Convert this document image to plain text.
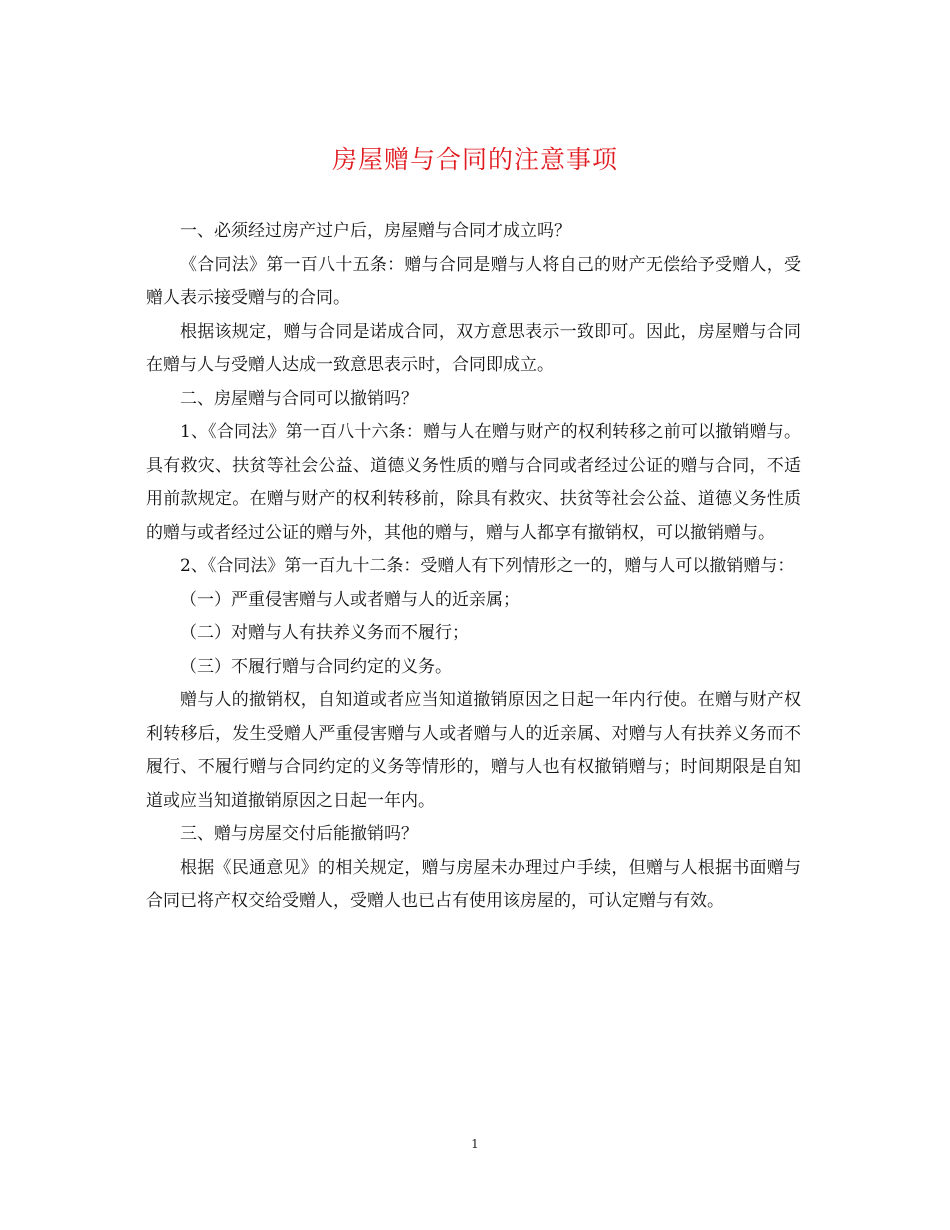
房屋赠与合同的注意事项

一、必须经过房产过户后，房屋赠与合同才成立吗？

《合同法》第一百八十五条：赠与合同是赠与人将自己的财产无偿给予受赠人，受赠人表示接受赠与的合同。

根据该规定，赠与合同是诺成合同，双方意思表示一致即可。因此，房屋赠与合同在赠与人与受赠人达成一致意思表示时，合同即成立。

二、房屋赠与合同可以撤销吗？

1、《合同法》第一百八十六条：赠与人在赠与财产的权利转移之前可以撤销赠与。具有救灾、扶贫等社会公益、道德义务性质的赠与合同或者经过公证的赠与合同，不适用前款规定。在赠与财产的权利转移前，除具有救灾、扶贫等社会公益、道德义务性质的赠与或者经过公证的赠与外，其他的赠与，赠与人都享有撤销权，可以撤销赠与。

2、《合同法》第一百九十二条：受赠人有下列情形之一的，赠与人可以撤销赠与：

（一）严重侵害赠与人或者赠与人的近亲属；

（二）对赠与人有扶养义务而不履行；

（三）不履行赠与合同约定的义务。

赠与人的撤销权，自知道或者应当知道撤销原因之日起一年内行使。在赠与财产权利转移后，发生受赠人严重侵害赠与人或者赠与人的近亲属、对赠与人有扶养义务而不履行、不履行赠与合同约定的义务等情形的，赠与人也有权撤销赠与；时间期限是自知道或应当知道撤销原因之日起一年内。

三、赠与房屋交付后能撤销吗？

根据《民通意见》的相关规定，赠与房屋未办理过户手续，但赠与人根据书面赠与合同已将产权交给受赠人，受赠人也已占有使用该房屋的，可认定赠与有效。

1
